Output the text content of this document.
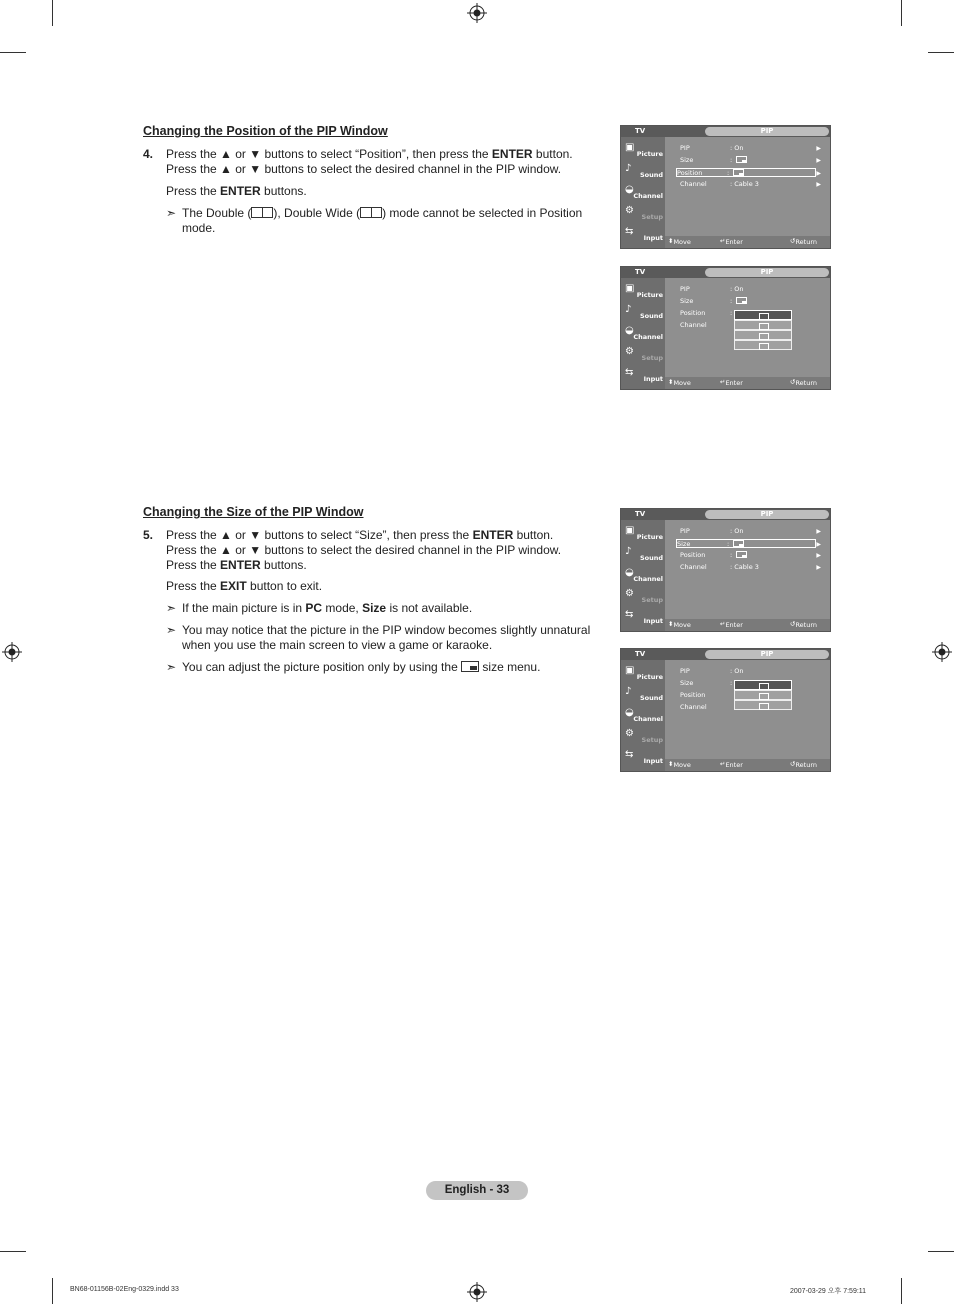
Changing the Position of the PIP Window
4. Press the ▲ or ▼ buttons to select “Position”, then press the ENTER button.
Press the ▲ or ▼ buttons to select the desired channel in the PIP window.
Press the ENTER buttons.
➣ The Double ( ), Double Wide ( ) mode cannot be selected in Position
mode.
Changing the Size of the PIP Window
5. Press the ▲ or ▼ buttons to select “Size”, then press the ENTER button.
Press the ▲ or ▼ buttons to select the desired channel in the PIP window.
Press the ENTER buttons.
Press the EXIT button to exit.
➣ If the main picture is in PC mode, Size is not available.
➣ You may notice that the picture in the PIP window becomes slightly unnatural when you use the main screen to view a game or karaoke.
➣ You can adjust the picture position only by using the  size menu.
TV	PIP
▣
Picture
♪
Sound
◒
Channel
⚙
Setup
⇆
Input
PIP	: On	▶
Size	:	▶
Position	:	▶
Channel	: Cable 3	▶
⬍ Move	↵ Enter	↺ Return
TV	PIP
▣
Picture
♪
Sound
◒
Channel
⚙
Setup
⇆
Input
PIP	: On
Size	:
Position	:
Channel
⬍ Move	↵ Enter	↺ Return
TV	PIP
▣
Picture
♪
Sound
◒
Channel
⚙
Setup
⇆
Input
PIP	: On	▶
Size	:	▶
Position	:	▶
Channel	: Cable 3	▶
⬍ Move	↵ Enter	↺ Return
TV	PIP
▣
Picture
♪
Sound
◒
Channel
⚙
Setup
⇆
Input
PIP	: On
Size	:
Position
Channel
⬍ Move	↵ Enter	↺ Return
English - 33
BN68-01156B-02Eng-0329.indd 33	2007-03-29 오후 7:59:11
